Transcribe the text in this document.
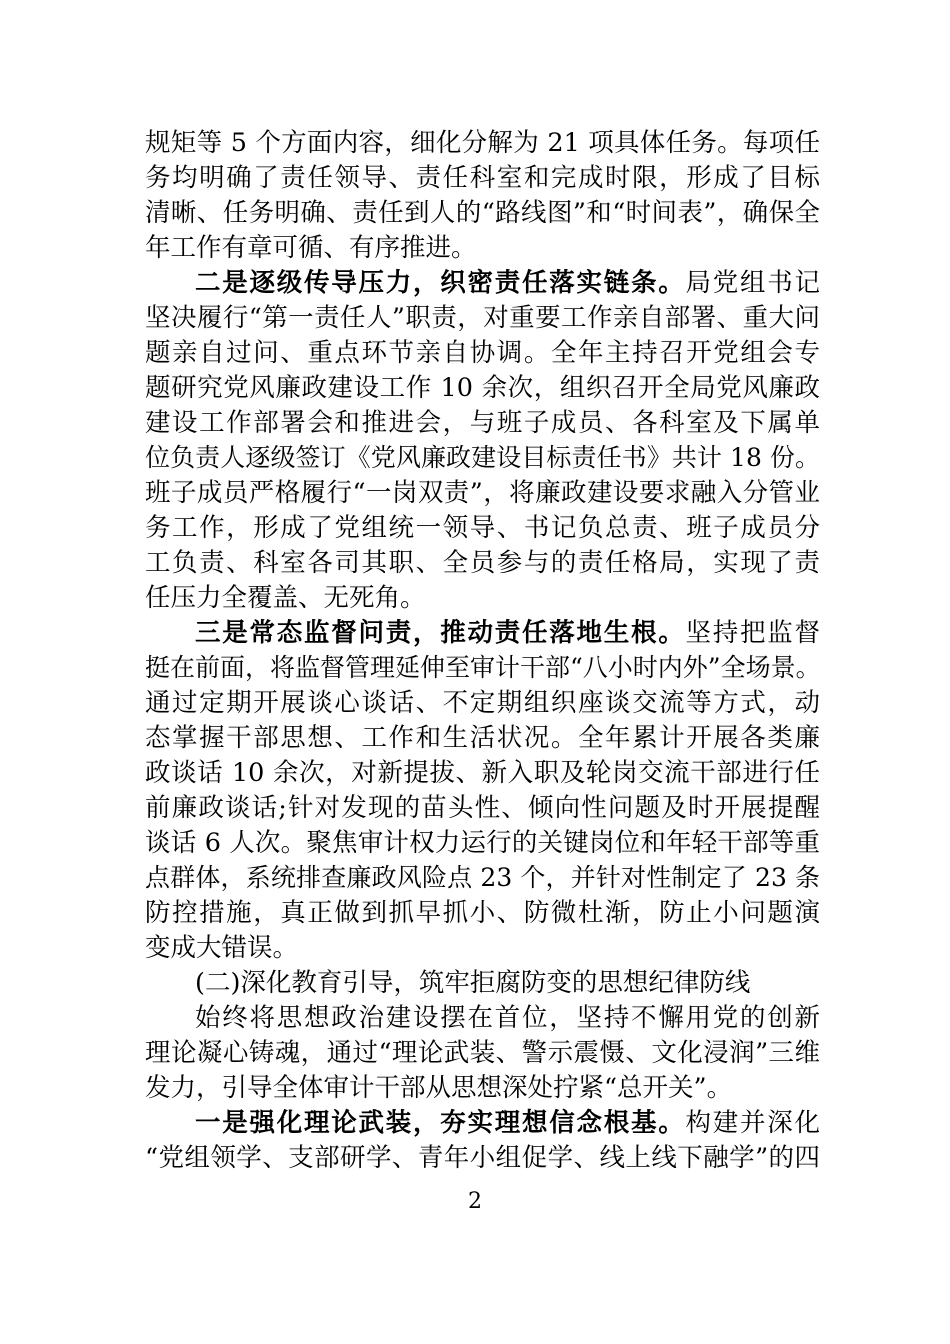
规矩等 5 个方面内容，细化分解为 21 项具体任务。每项任
务均明确了责任领导、责任科室和完成时限，形成了目标
清晰、任务明确、责任到人的“路线图”和“时间表”，确保全
年工作有章可循、有序推进。
二是逐级传导压力，织密责任落实链条。局党组书记
坚决履行“第一责任人”职责，对重要工作亲自部署、重大问
题亲自过问、重点环节亲自协调。全年主持召开党组会专
题研究党风廉政建设工作 10 余次，组织召开全局党风廉政
建设工作部署会和推进会，与班子成员、各科室及下属单
位负责人逐级签订《党风廉政建设目标责任书》共计 18 份。
班子成员严格履行“一岗双责”，将廉政建设要求融入分管业
务工作，形成了党组统一领导、书记负总责、班子成员分
工负责、科室各司其职、全员参与的责任格局，实现了责
任压力全覆盖、无死角。
三是常态监督问责，推动责任落地生根。坚持把监督
挺在前面，将监督管理延伸至审计干部“八小时内外”全场景。
通过定期开展谈心谈话、不定期组织座谈交流等方式，动
态掌握干部思想、工作和生活状况。全年累计开展各类廉
政谈话 10 余次，对新提拔、新入职及轮岗交流干部进行任
前廉政谈话;针对发现的苗头性、倾向性问题及时开展提醒
谈话 6 人次。聚焦审计权力运行的关键岗位和年轻干部等重
点群体，系统排查廉政风险点 23 个，并针对性制定了 23 条
防控措施，真正做到抓早抓小、防微杜渐，防止小问题演
变成大错误。
(二)深化教育引导，筑牢拒腐防变的思想纪律防线
始终将思想政治建设摆在首位，坚持不懈用党的创新
理论凝心铸魂，通过“理论武装、警示震慑、文化浸润”三维
发力，引导全体审计干部从思想深处拧紧“总开关”。
一是强化理论武装，夯实理想信念根基。构建并深化
“党组领学、支部研学、青年小组促学、线上线下融学”的四
2
